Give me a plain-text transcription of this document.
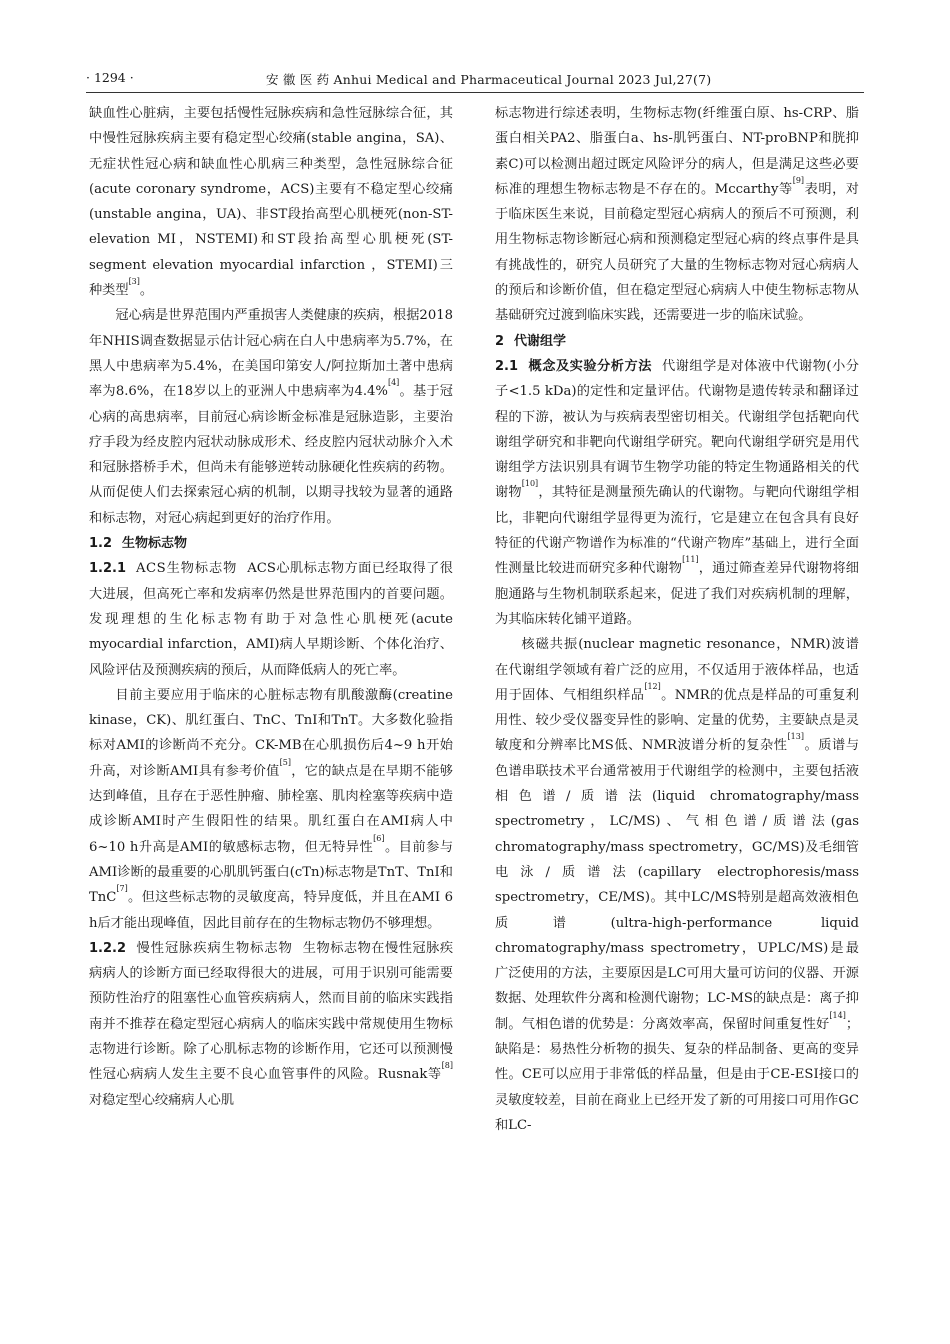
· 1294 ·	安 徽 医 药 Anhui Medical and Pharmaceutical Journal 2023 Jul,27(7)

缺血性心脏病，主要包括慢性冠脉疾病和急性冠脉综合征，其中慢性冠脉疾病主要有稳定型心绞痛(stable angina，SA)、无症状性冠心病和缺血性心肌病三种类型，急性冠脉综合征(acute coronary syndrome，ACS)主要有不稳定型心绞痛(unstable angina，UA)、非ST段抬高型心肌梗死(non-ST-elevation MI，NSTEMI)和ST段抬高型心肌梗死(ST-segment elevation myocardial infarction ，STEMI)三种类型[3]。

冠心病是世界范围内严重损害人类健康的疾病，根据2018年NHIS调查数据显示估计冠心病在白人中患病率为5.7%，在黑人中患病率为5.4%，在美国印第安人/阿拉斯加土著中患病率为8.6%，在18岁以上的亚洲人中患病率为4.4%[4]。基于冠心病的高患病率，目前冠心病诊断金标准是冠脉造影，主要治疗手段为经皮腔内冠状动脉成形术、经皮腔内冠状动脉介入术和冠脉搭桥手术，但尚未有能够逆转动脉硬化性疾病的药物。从而促使人们去探索冠心病的机制，以期寻找较为显著的通路和标志物，对冠心病起到更好的治疗作用。

1.2 生物标志物

1.2.1 ACS生物标志物 ACS心肌标志物方面已经取得了很大进展，但高死亡率和发病率仍然是世界范围内的首要问题。发现理想的生化标志物有助于对急性心肌梗死(acute myocardial infarction，AMI)病人早期诊断、个体化治疗、风险评估及预测疾病的预后，从而降低病人的死亡率。

目前主要应用于临床的心脏标志物有肌酸激酶(creatine kinase，CK)、肌红蛋白、TnC、TnI和TnT。大多数化验指标对AMI的诊断尚不充分。CK-MB在心肌损伤后4~9 h开始升高，对诊断AMI具有参考价值[5]，它的缺点是在早期不能够达到峰值，且存在于恶性肿瘤、肺栓塞、肌肉栓塞等疾病中造成诊断AMI时产生假阳性的结果。肌红蛋白在AMI病人中6~10 h升高是AMI的敏感标志物，但无特异性[6]。目前参与AMI诊断的最重要的心肌肌钙蛋白(cTn)标志物是TnT、TnI和TnC[7]。但这些标志物的灵敏度高，特异度低，并且在AMI 6 h后才能出现峰值，因此目前存在的生物标志物仍不够理想。

1.2.2 慢性冠脉疾病生物标志物 生物标志物在慢性冠脉疾病病人的诊断方面已经取得很大的进展，可用于识别可能需要预防性治疗的阻塞性心血管疾病病人，然而目前的临床实践指南并不推荐在稳定型冠心病病人的临床实践中常规使用生物标志物进行诊断。除了心肌标志物的诊断作用，它还可以预测慢性冠心病病人发生主要不良心血管事件的风险。Rusnak等[8]对稳定型心绞痛病人心肌

标志物进行综述表明，生物标志物(纤维蛋白原、hs-CRP、脂蛋白相关PA2、脂蛋白a、hs-肌钙蛋白、NT-proBNP和胱抑素C)可以检测出超过既定风险评分的病人，但是满足这些必要标准的理想生物标志物是不存在的。Mccarthy等[9]表明，对于临床医生来说，目前稳定型冠心病病人的预后不可预测，利用生物标志物诊断冠心病和预测稳定型冠心病的终点事件是具有挑战性的，研究人员研究了大量的生物标志物对冠心病病人的预后和诊断价值，但在稳定型冠心病病人中使生物标志物从基础研究过渡到临床实践，还需要进一步的临床试验。

2 代谢组学

2.1 概念及实验分析方法 代谢组学是对体液中代谢物(小分子<1.5 kDa)的定性和定量评估。代谢物是遗传转录和翻译过程的下游，被认为与疾病表型密切相关。代谢组学包括靶向代谢组学研究和非靶向代谢组学研究。靶向代谢组学研究是用代谢组学方法识别具有调节生物学功能的特定生物通路相关的代谢物[10]，其特征是测量预先确认的代谢物。与靶向代谢组学相比，非靶向代谢组学显得更为流行，它是建立在包含具有良好特征的代谢产物谱作为标准的“代谢产物库”基础上，进行全面性测量比较进而研究多种代谢物[11]，通过筛查差异代谢物将细胞通路与生物机制联系起来，促进了我们对疾病机制的理解，为其临床转化铺平道路。

核磁共振(nuclear magnetic resonance，NMR)波谱在代谢组学领域有着广泛的应用，不仅适用于液体样品，也适用于固体、气相组织样品[12]。NMR的优点是样品的可重复利用性、较少受仪器变异性的影响、定量的优势，主要缺点是灵敏度和分辨率比MS低、NMR波谱分析的复杂性[13]。质谱与色谱串联技术平台通常被用于代谢组学的检测中，主要包括液相色谱/质谱法(liquid chromatography/mass spectrometry，LC/MS)、气相色谱/质谱法(gas chromatography/mass spectrometry，GC/MS)及毛细管电泳/质谱法(capillary electrophoresis/mass spectrometry，CE/MS)。其中LC/MS特别是超高效液相色质谱(ultra-high-performance liquid chromatography/mass spectrometry，UPLC/MS)是最广泛使用的方法，主要原因是LC可用大量可访问的仪器、开源数据、处理软件分离和检测代谢物；LC-MS的缺点是：离子抑制。气相色谱的优势是：分离效率高，保留时间重复性好[14]；缺陷是：易热性分析物的损失、复杂的样品制备、更高的变异性。CE可以应用于非常低的样品量，但是由于CE-ESI接口的灵敏度较差，目前在商业上已经开发了新的可用接口可用作GC和LC-
